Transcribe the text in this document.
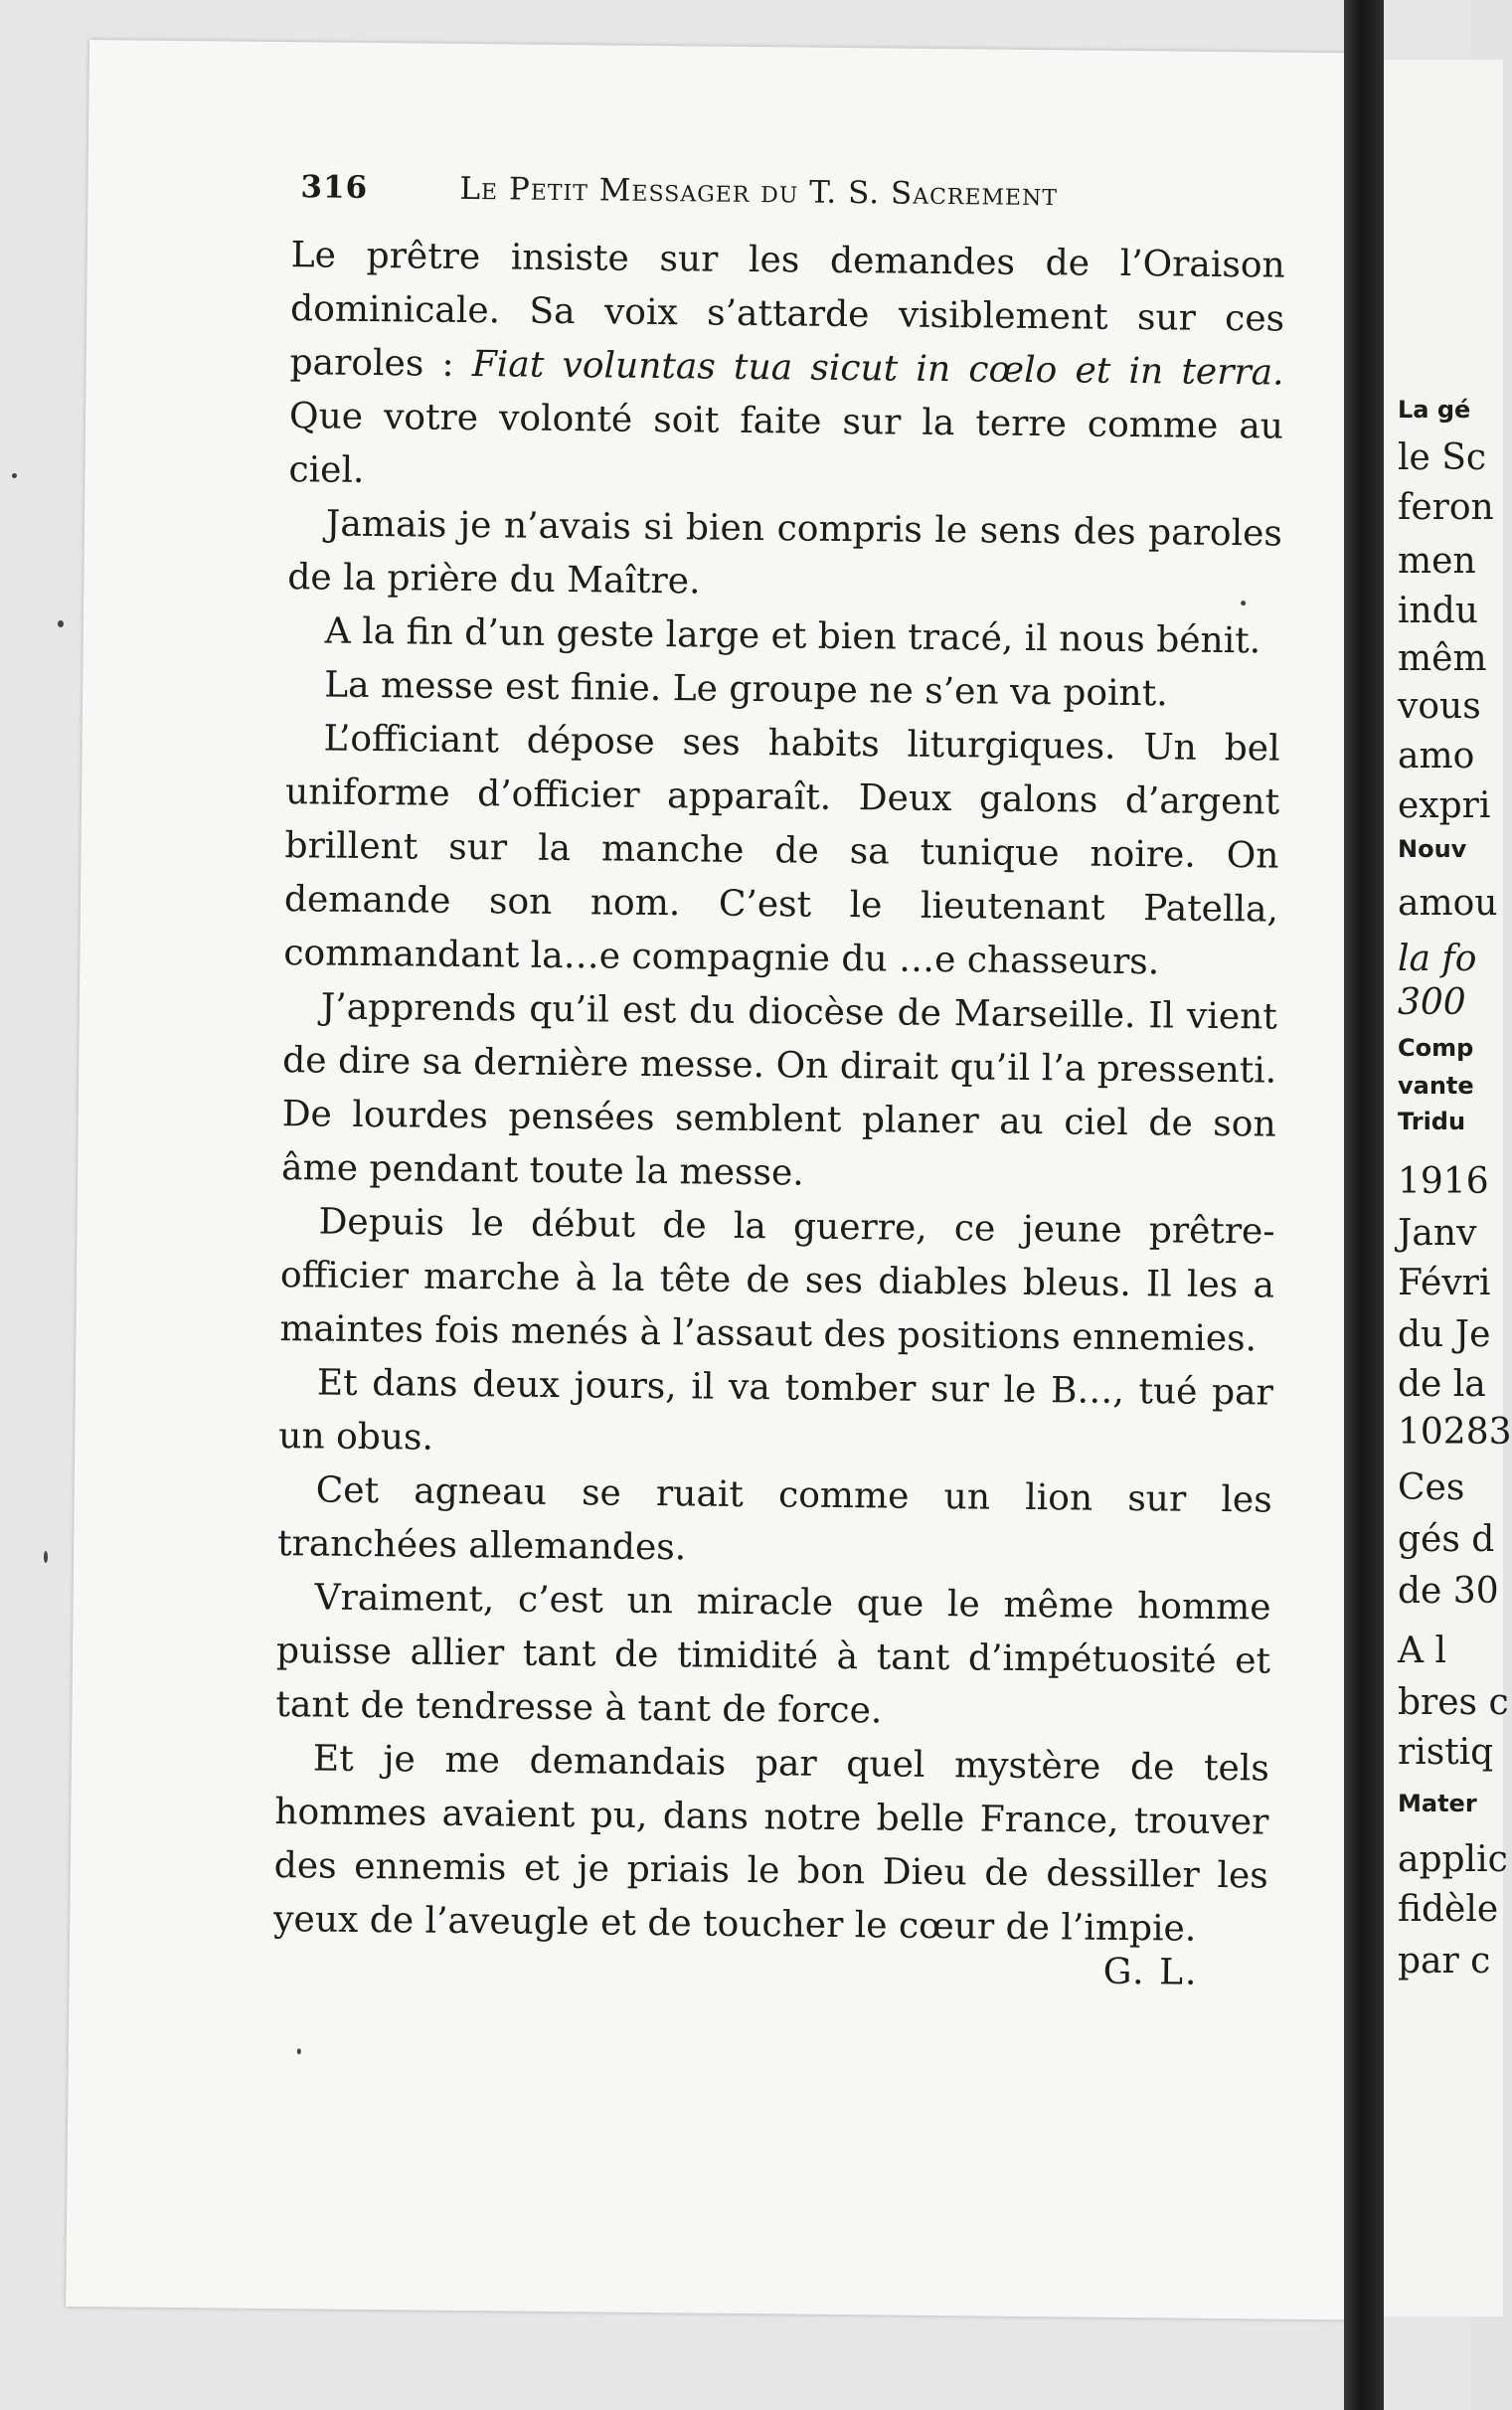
316	Le Petit Messager du T. S. Sacrement

Le prêtre insiste sur les demandes de l’Oraison dominicale. Sa voix s’attarde visiblement sur ces paroles : Fiat voluntas tua sicut in cœlo et in terra. Que votre volonté soit faite sur la terre comme au ciel.

Jamais je n’avais si bien compris le sens des paroles de la prière du Maître.

A la fin d’un geste large et bien tracé, il nous bénit.

La messe est finie. Le groupe ne s’en va point.

L’officiant dépose ses habits liturgiques. Un bel uniforme d’officier apparaît. Deux galons d’argent brillent sur la manche de sa tunique noire. On demande son nom. C’est le lieutenant Patella, commandant la…e compagnie du …e chasseurs.

J’apprends qu’il est du diocèse de Marseille. Il vient de dire sa dernière messe. On dirait qu’il l’a pressenti. De lourdes pensées semblent planer au ciel de son âme pendant toute la messe.

Depuis le début de la guerre, ce jeune prêtre-officier marche à la tête de ses diables bleus. Il les a maintes fois menés à l’assaut des positions ennemies.

Et dans deux jours, il va tomber sur le B…, tué par un obus.

Cet agneau se ruait comme un lion sur les tranchées allemandes.

Vraiment, c’est un miracle que le même homme puisse allier tant de timidité à tant d’impétuosité et tant de tendresse à tant de force.

Et je me demandais par quel mystère de tels hommes avaient pu, dans notre belle France, trouver des ennemis et je priais le bon Dieu de dessiller les yeux de l’aveugle et de toucher le cœur de l’impie.

G. L.
La gé
le Sc
feron
men
indu
mêm
vous
amo
expri
Nouv
amou
la fo
300
Comp
vante
Tridu
1916
Janv
Févri
du Je
de la
10283
Ces
gés d
de 30
A l
bres c
ristiq
Mater
applic
fidèle
par c
